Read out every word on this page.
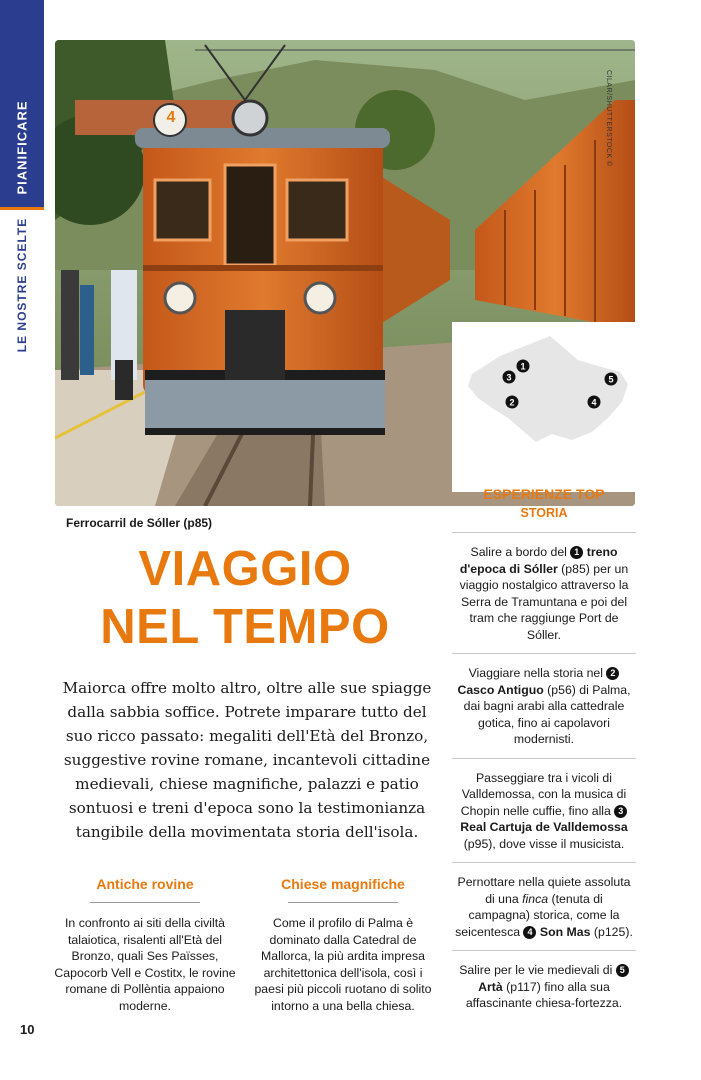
PIANIFICARE
LE NOSTRE SCELTE
4	CILAR/SHUTTERSTOCK ©
Ferrocarril de Sóller (p85)
1
3
2
5
4
ESPERIENZE TOP
STORIA
Salire a bordo del 1 treno d'epoca di Sóller (p85) per un viaggio nostalgico attraverso la Serra de Tramuntana e poi del tram che raggiunge Port de Sóller.
Viaggiare nella storia nel 2 Casco Antiguo (p56) di Palma, dai bagni arabi alla cattedrale gotica, fino ai capolavori modernisti.
Passeggiare tra i vicoli di Valldemossa, con la musica di Chopin nelle cuffie, fino alla 3 Real Cartuja de Valldemossa (p95), dove visse il musicista.
Pernottare nella quiete assoluta di una finca (tenuta di campagna) storica, come la seicentesca 4 Son Mas (p125).
Salire per le vie medievali di 5 Artà (p117) fino alla sua affascinante chiesa-fortezza.
VIAGGIO
NEL TEMPO
Maiorca offre molto altro, oltre alle sue spiagge dalla sabbia soffice. Potrete imparare tutto del suo ricco passato: megaliti dell'Età del Bronzo, suggestive rovine romane, incantevoli cittadine medievali, chiese magnifiche, palazzi e patio sontuosi e treni d'epoca sono la testimonianza tangibile della movimentata storia dell'isola.
Antiche rovine

In confronto ai siti della civiltà talaiotica, risalenti all'Età del Bronzo, quali Ses Païsses, Capocorb Vell e Costitx, le rovine romane di Pollèntia appaiono moderne.

Chiese magnifiche

Come il profilo di Palma è dominato dalla Catedral de Mallorca, la più ardita impresa architettonica dell'isola, così i paesi più piccoli ruotano di solito intorno a una bella chiesa.

10
